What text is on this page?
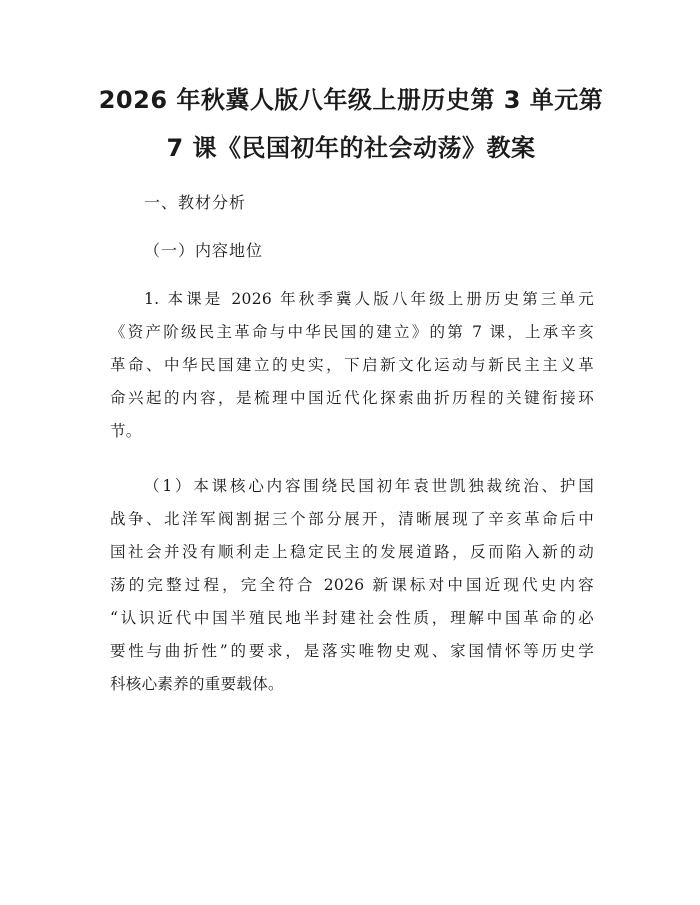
2026 年秋冀人版八年级上册历史第 3 单元第
7 课《民国初年的社会动荡》教案

一、教材分析

（一）内容地位

1. 本课是 2026 年秋季冀人版八年级上册历史第三单元
《资产阶级民主革命与中华民国的建立》的第 7 课，上承辛亥
革命、中华民国建立的史实，下启新文化运动与新民主主义革
命兴起的内容，是梳理中国近代化探索曲折历程的关键衔接环
节。
（1）本课核心内容围绕民国初年袁世凯独裁统治、护国
战争、北洋军阀割据三个部分展开，清晰展现了辛亥革命后中
国社会并没有顺利走上稳定民主的发展道路，反而陷入新的动
荡的完整过程，完全符合 2026 新课标对中国近现代史内容
“认识近代中国半殖民地半封建社会性质，理解中国革命的必
要性与曲折性”的要求，是落实唯物史观、家国情怀等历史学
科核心素养的重要载体。
